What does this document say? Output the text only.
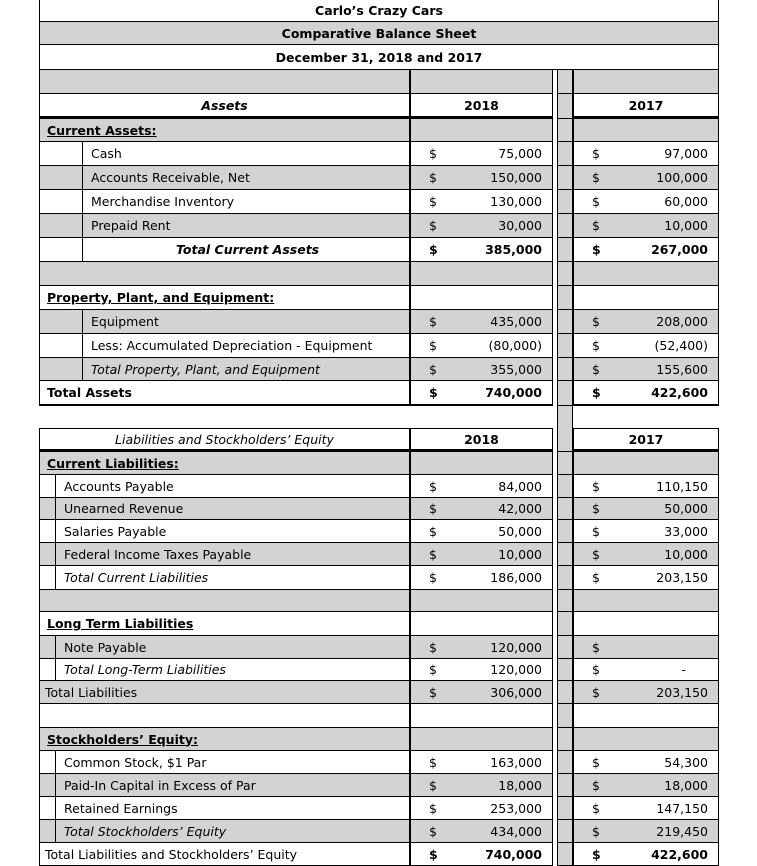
Carlo’s Crazy Cars
Comparative Balance Sheet
December 31, 2018 and 2017
Assets	2018	2017
Current Assets:
Cash	$	75,000	$	97,000
Accounts Receivable, Net	$	150,000	$	100,000
Merchandise Inventory	$	130,000	$	60,000
Prepaid Rent	$	30,000	$	10,000
Total Current Assets	$	385,000	$	267,000
Property, Plant, and Equipment:
Equipment	$	435,000	$	208,000
Less: Accumulated Depreciation - Equipment	$	(80,000)	$	(52,400)
Total Property, Plant, and Equipment	$	355,000	$	155,600
Total Assets	$	740,000	$	422,600
Liabilities and Stockholders’ Equity	2018	2017
Current Liabilities:
Accounts Payable	$	84,000	$	110,150
Unearned Revenue	$	42,000	$	50,000
Salaries Payable	$	50,000	$	33,000
Federal Income Taxes Payable	$	10,000	$	10,000
Total Current Liabilities	$	186,000	$	203,150
Long Term Liabilities
Note Payable	$	120,000	$
Total Long-Term Liabilities	$	120,000	$	-
Total Liabilities	$	306,000	$	203,150
Stockholders’ Equity:
Common Stock, $1 Par	$	163,000	$	54,300
Paid-In Capital in Excess of Par	$	18,000	$	18,000
Retained Earnings	$	253,000	$	147,150
Total Stockholders’ Equity	$	434,000	$	219,450
Total Liabilities and Stockholders’ Equity	$	740,000	$	422,600
